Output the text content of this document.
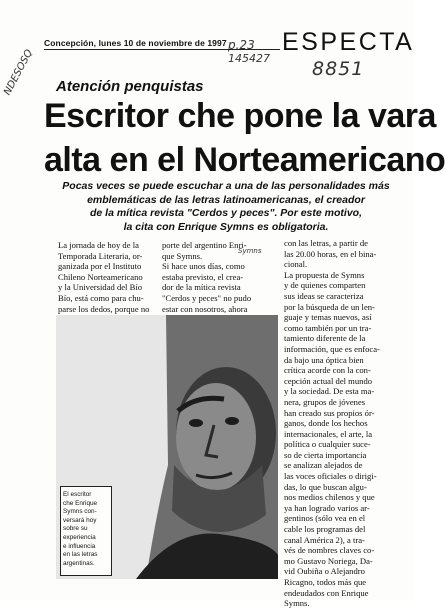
Concepción, lunes 10 de noviembre de 1997 ESPECTA
p.23
145427 8851
NDESOSQ
Symns
Atención penquistas
Escritor che pone la vara
alta en el Norteamericano
Pocas veces se puede escuchar a una de las personalidades más
emblemáticas de las letras latinoamericanas, el creador
de la mítica revista "Cerdos y peces". Por este motivo,
la cita con Enrique Symns es obligatoria.
La jornada de hoy de la
Temporada Literaria, or-
ganizada por el Instituto
Chileno Norteamericano
y la Universidad del Bío
Bío, está como para chu-
parse los dedos, porque no
porte del argentino Enri-
que Symns.
Si hace unos días, como
estaba previsto, el crea-
dor de la mítica revista
"Cerdos y peces" no pudo
estar con nosotros, ahora
con las letras, a partir de
las 20.00 horas, en el bina-
cional.
La propuesta de Symns
y de quienes comparten
sus ideas se caracteriza
por la búsqueda de un len-
guaje y temas nuevos, así
como también por un tra-
tamiento diferente de la
información, que es enfoca-
da bajo una óptica bien
crítica acorde con la con-
cepción actual del mundo
y la sociedad. De esta ma-
nera, grupos de jóvenes
han creado sus propios ór-
ganos, donde los hechos
internacionales, el arte, la
política o cualquier suce-
so de cierta importancia
se analizan alejados de
las voces oficiales o dirigi-
das, lo que buscan algu-
nos medios chilenos y que
ya han logrado varios ar-
gentinos (sólo vea en el
cable los programas del
canal América 2), a tra-
vés de nombres claves co-
mo Gustavo Noriega, Da-
vid Oubiña o Alejandro
Ricagno, todos más que
endeudados con Enrique
Symns.
El escritor
che Enrique
Symns con-
versará hoy
sobre su
experiencia
e influencia
en las letras
argentinas.
